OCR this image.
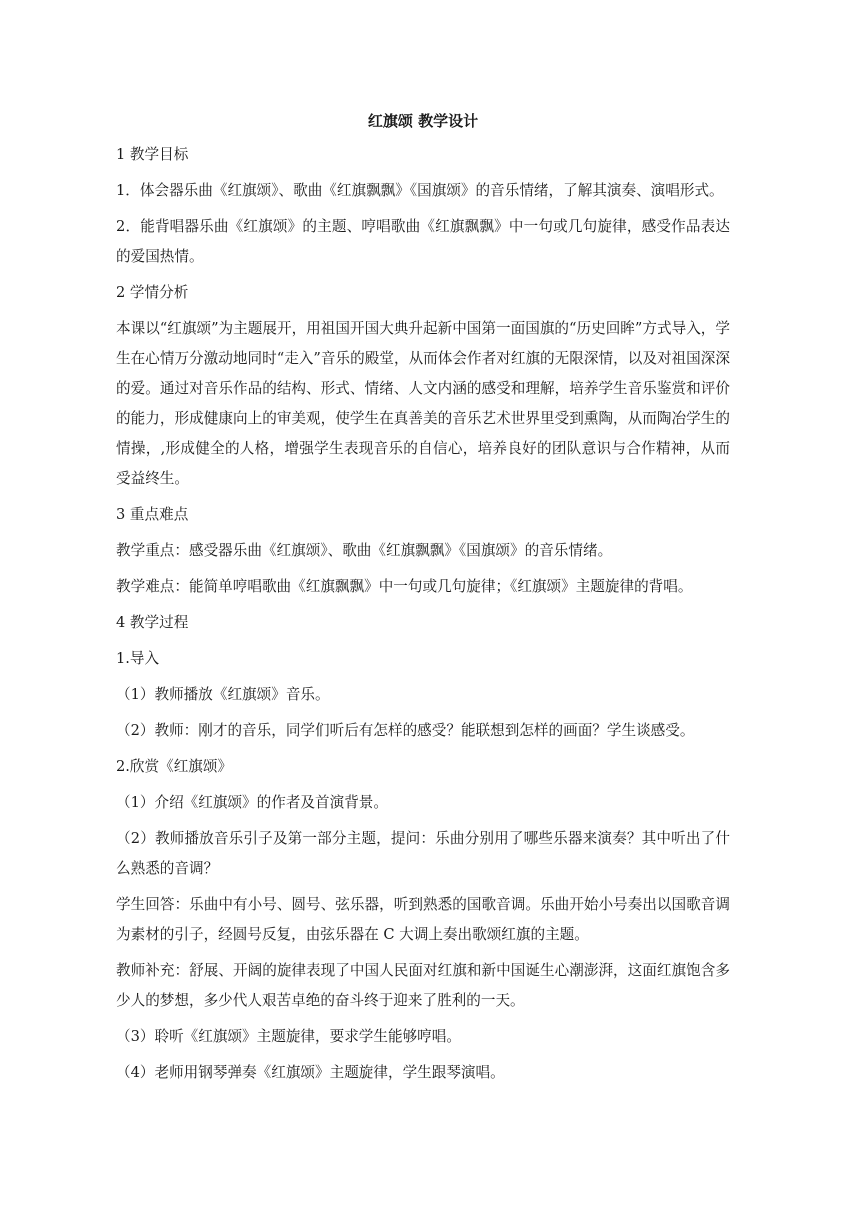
红旗颂 教学设计
1 教学目标
1．体会器乐曲《红旗颂》、歌曲《红旗飘飘》《国旗颂》的音乐情绪，了解其演奏、演唱形式。
2．能背唱器乐曲《红旗颂》的主题、哼唱歌曲《红旗飘飘》中一句或几句旋律，感受作品表达的爱国热情。
2 学情分析
本课以“红旗颂”为主题展开，用祖国开国大典升起新中国第一面国旗的“历史回眸”方式导入，学生在心情万分激动地同时“走入”音乐的殿堂，从而体会作者对红旗的无限深情，以及对祖国深深的爱。通过对音乐作品的结构、形式、情绪、人文内涵的感受和理解，培养学生音乐鉴赏和评价的能力，形成健康向上的审美观，使学生在真善美的音乐艺术世界里受到熏陶，从而陶冶学生的情操，,形成健全的人格，增强学生表现音乐的自信心，培养良好的团队意识与合作精神，从而受益终生。
3 重点难点
教学重点：感受器乐曲《红旗颂》、歌曲《红旗飘飘》《国旗颂》的音乐情绪。
教学难点：能简单哼唱歌曲《红旗飘飘》中一句或几句旋律；《红旗颂》主题旋律的背唱。
4 教学过程
1.导入
（1）教师播放《红旗颂》音乐。
（2）教师：刚才的音乐，同学们听后有怎样的感受？能联想到怎样的画面？学生谈感受。
2.欣赏《红旗颂》
（1）介绍《红旗颂》的作者及首演背景。
（2）教师播放音乐引子及第一部分主题，提问：乐曲分别用了哪些乐器来演奏？其中听出了什么熟悉的音调？
学生回答：乐曲中有小号、圆号、弦乐器，听到熟悉的国歌音调。乐曲开始小号奏出以国歌音调为素材的引子，经圆号反复，由弦乐器在 C 大调上奏出歌颂红旗的主题。
教师补充：舒展、开阔的旋律表现了中国人民面对红旗和新中国诞生心潮澎湃，这面红旗饱含多少人的梦想，多少代人艰苦卓绝的奋斗终于迎来了胜利的一天。
（3）聆听《红旗颂》主题旋律，要求学生能够哼唱。
（4）老师用钢琴弹奏《红旗颂》主题旋律，学生跟琴演唱。
